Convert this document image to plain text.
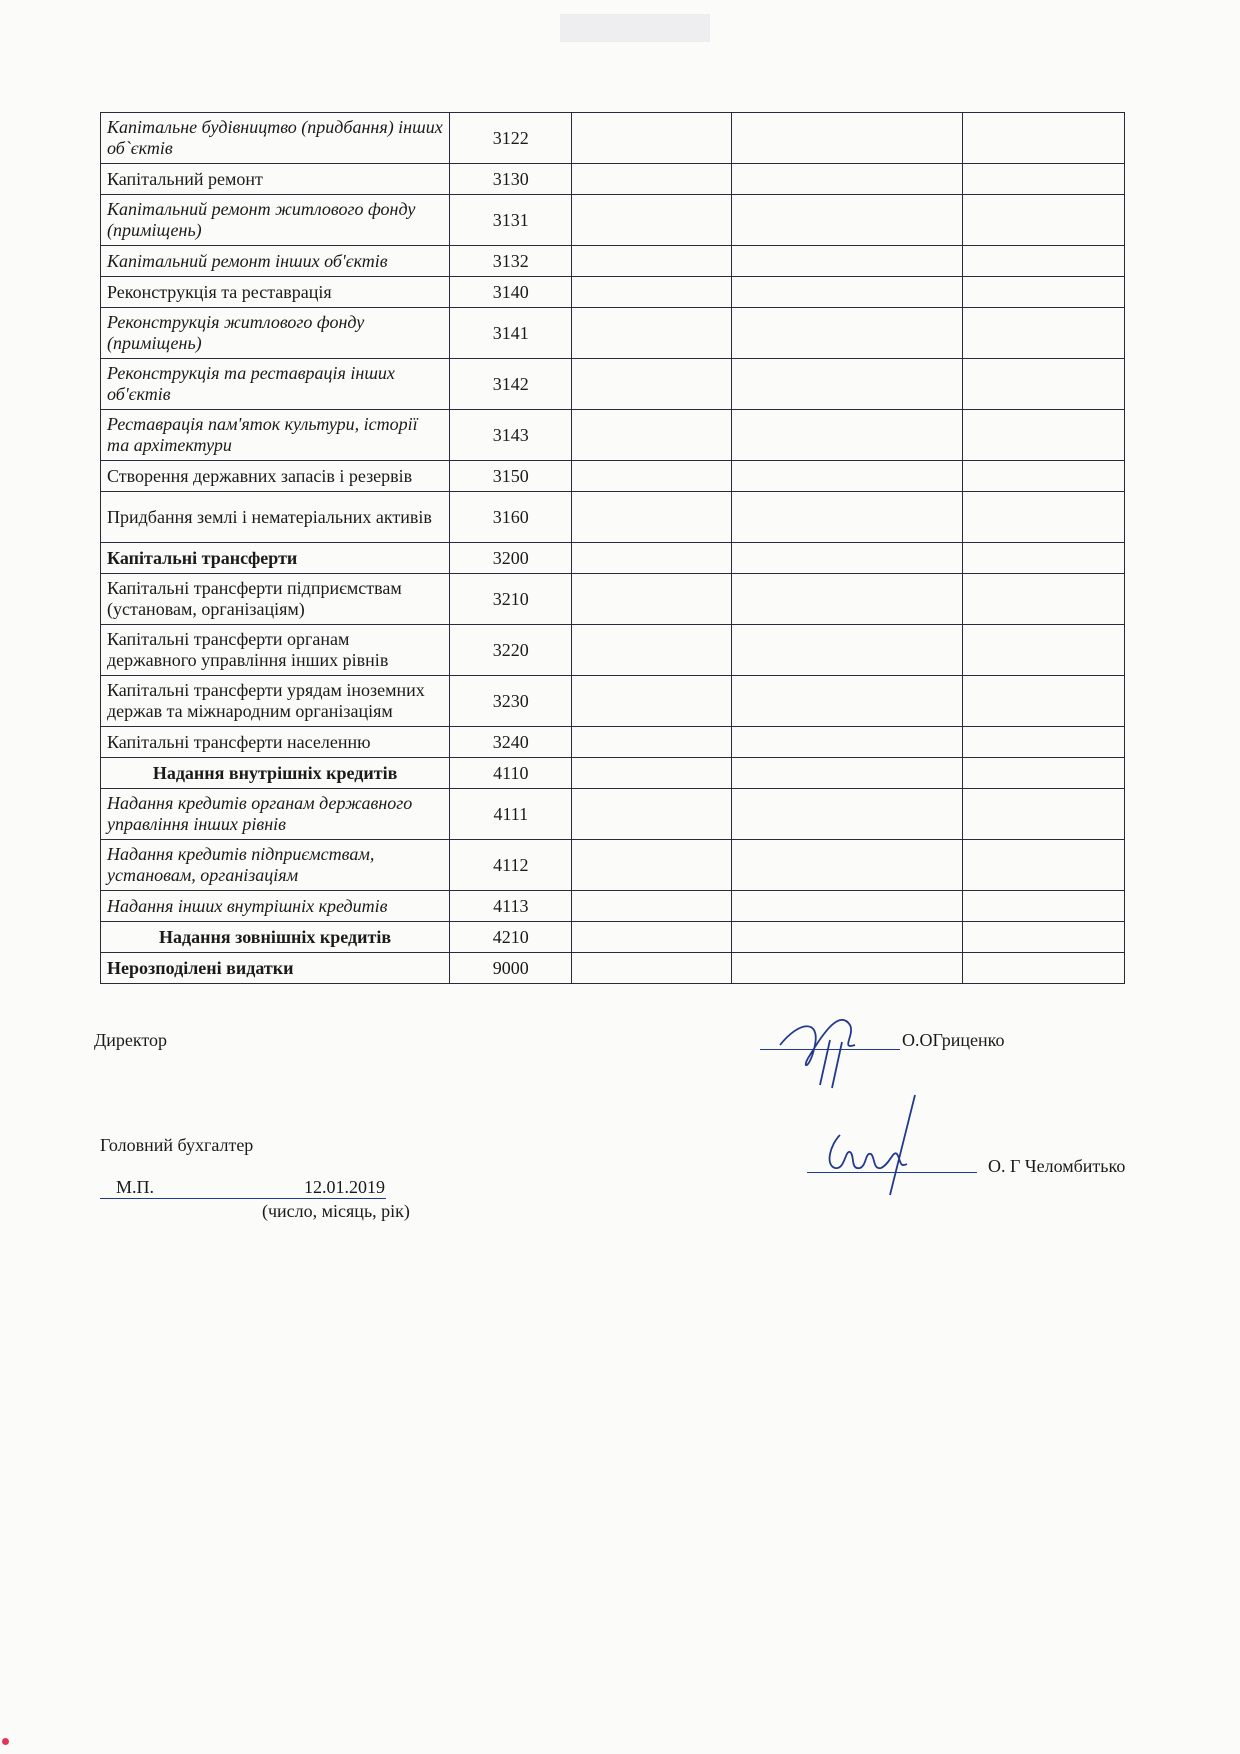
Капітальне будівництво (придбання) інших об`єктів	3122			
Капітальний ремонт	3130			
Капітальний ремонт житлового фонду (приміщень)	3131			
Капітальний ремонт інших об'єктів	3132			
Реконструкція та реставрація	3140			
Реконструкція житлового фонду (приміщень)	3141			
Реконструкція та реставрація інших об'єктів	3142			
Реставрація пам'яток культури, історії та архітектури	3143			
Створення державних запасів і резервів	3150			
Придбання землі і нематеріальних активів	3160			
Капітальні трансферти	3200			
Капітальні трансферти підприємствам (установам, організаціям)	3210			
Капітальні трансферти органам державного управління інших рівнів	3220			
Капітальні трансферти урядам іноземних держав та міжнародним організаціям	3230			
Капітальні трансферти населенню	3240			
Надання внутрішніх кредитів	4110			
Надання кредитів органам державного управління інших рівнів	4111			
Надання кредитів підприємствам, установам, організаціям	4112			
Надання інших внутрішніх кредитів	4113			
Надання зовнішніх кредитів	4210			
Нерозподілені видатки	9000			
Директор	О.ОГриценко
Головний бухгалтер
О. Г Челомбитько
М.П.	12.01.2019
(число, місяць, рік)
